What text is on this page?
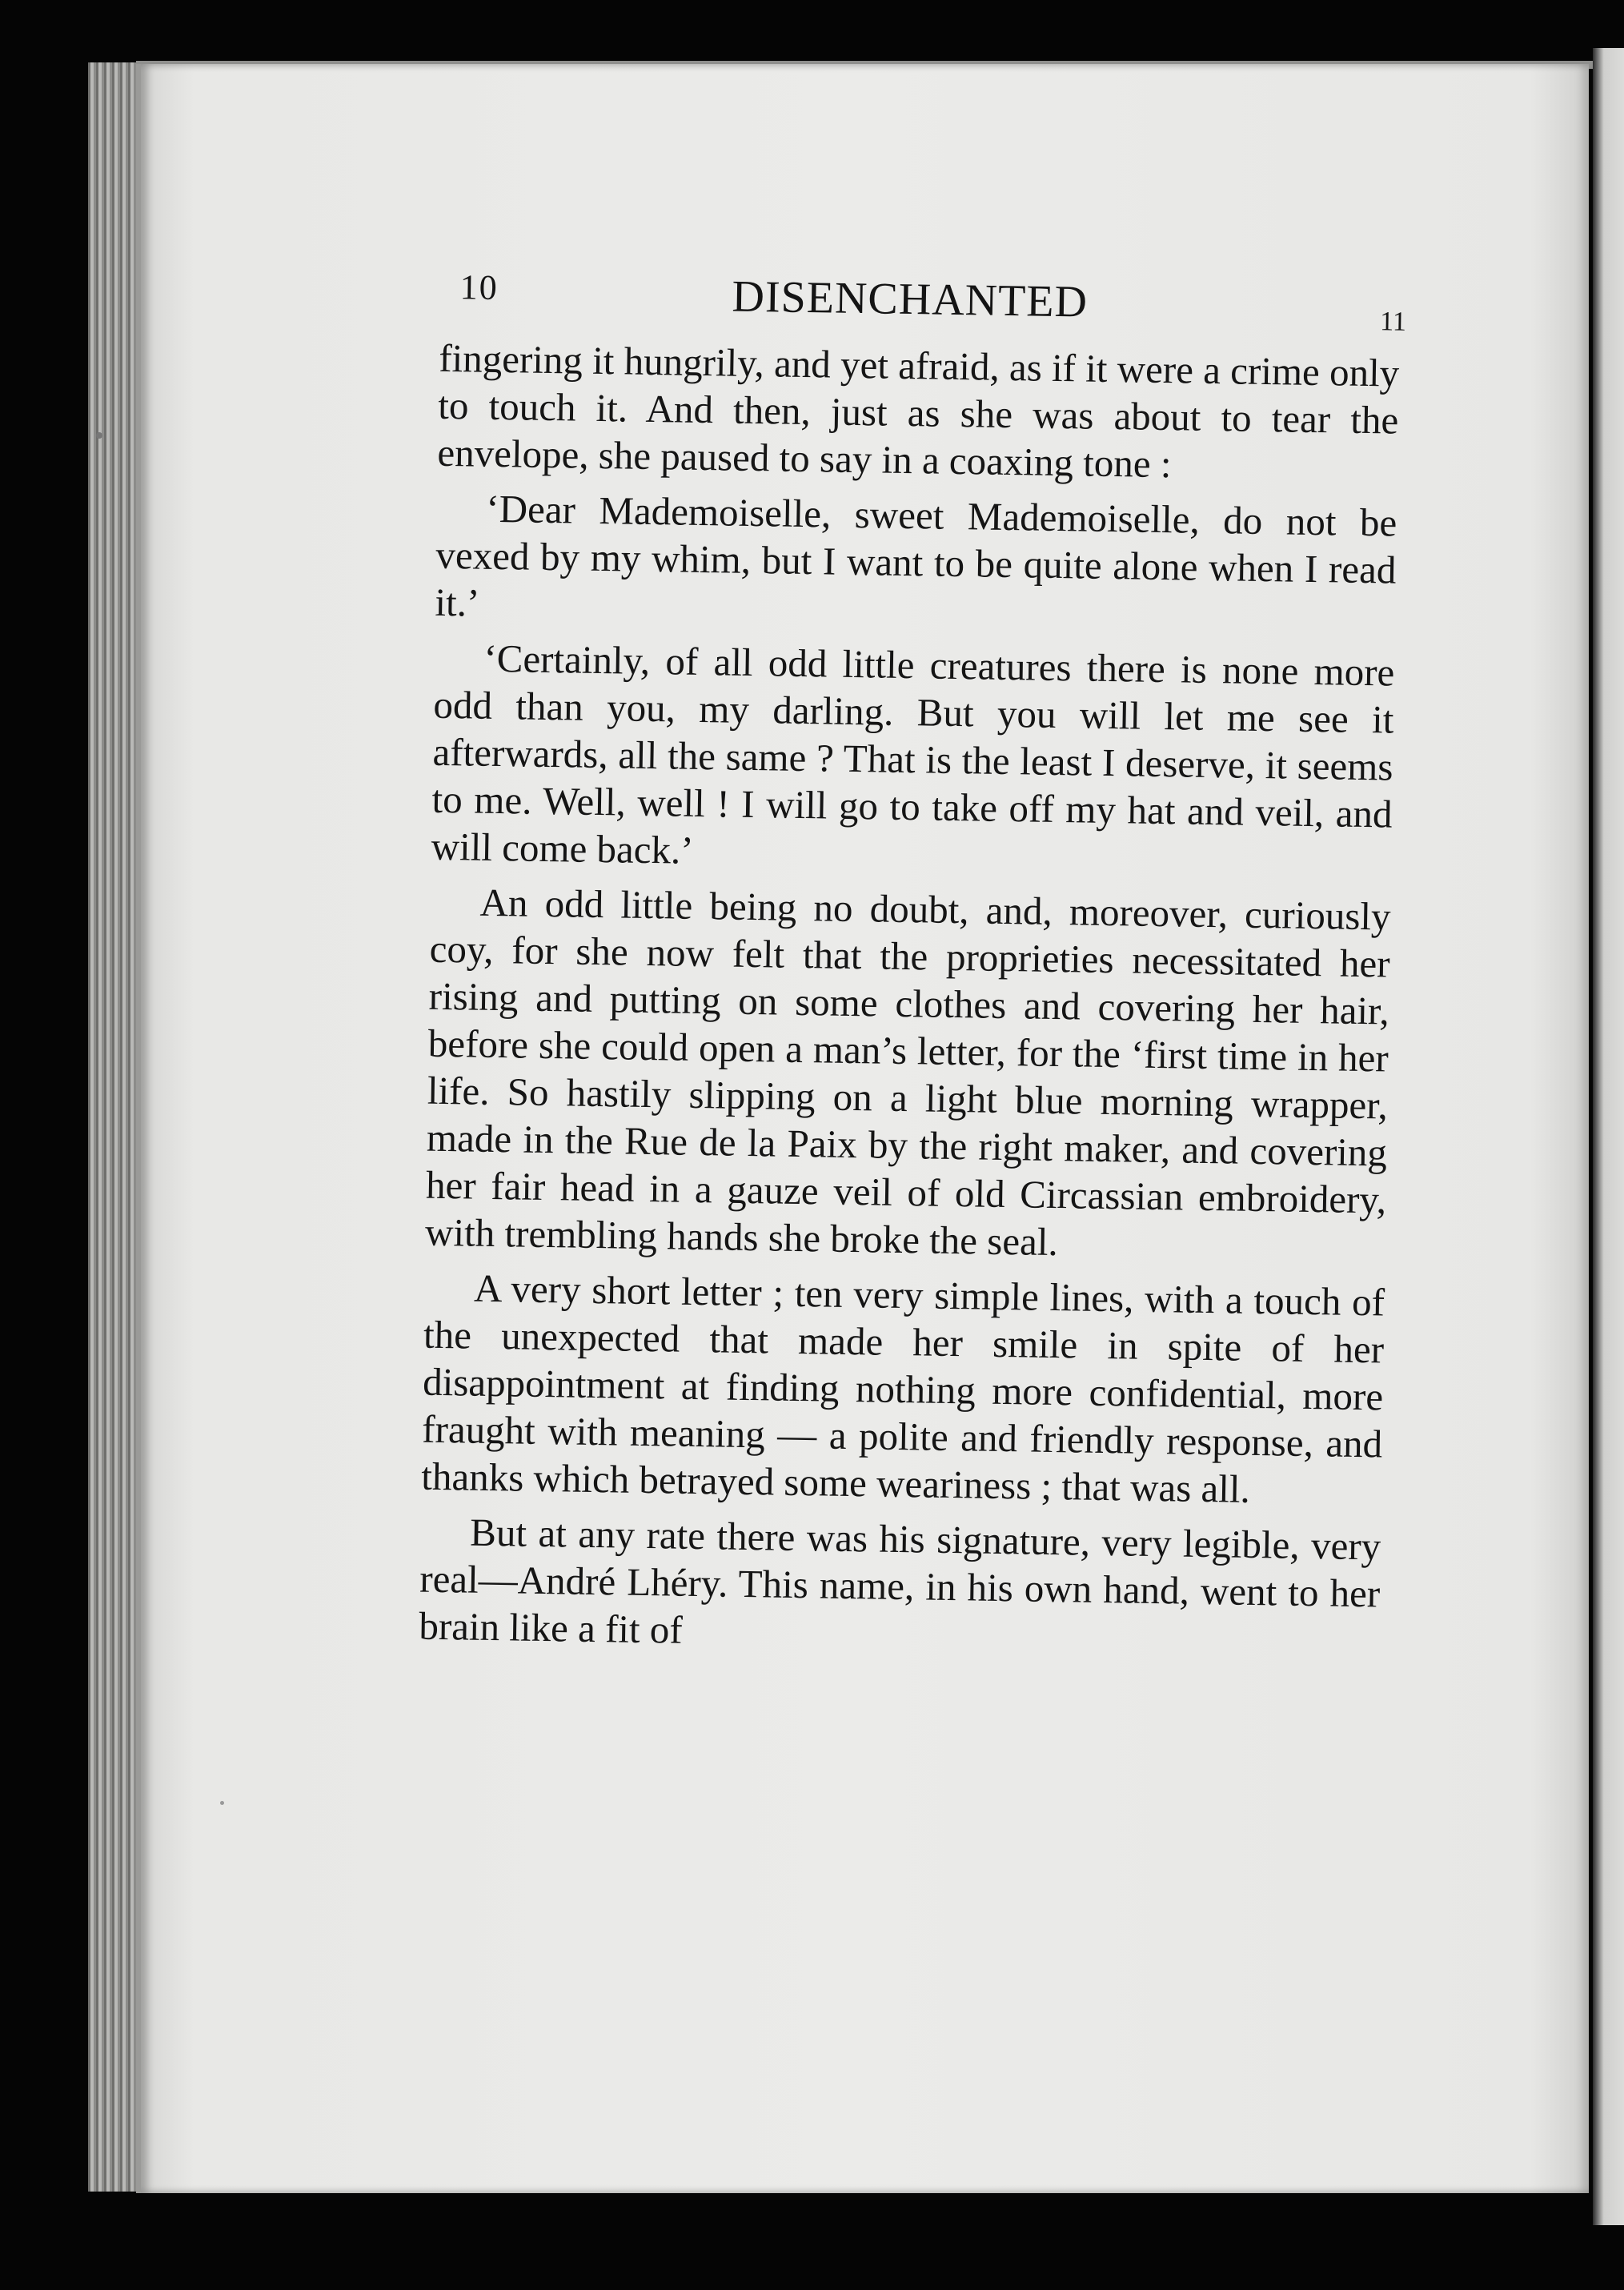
10	DISENCHANTED	11

fingering it hungrily, and yet afraid, as if it were a crime only to touch it. And then, just as she was about to tear the envelope, she paused to say in a coaxing tone :

‘Dear Mademoiselle, sweet Mademoiselle, do not be vexed by my whim, but I want to be quite alone when I read it.’

‘Certainly, of all odd little creatures there is none more odd than you, my darling. But you will let me see it afterwards, all the same ? That is the least I deserve, it seems to me. Well, well ! I will go to take off my hat and veil, and will come back.’

An odd little being no doubt, and, moreover, curiously coy, for she now felt that the proprieties necessitated her rising and putting on some clothes and covering her hair, before she could open a man’s letter, for the ‘first time in her life. So hastily slipping on a light blue morning wrapper, made in the Rue de la Paix by the right maker, and covering her fair head in a gauze veil of old Circassian embroidery, with trembling hands she broke the seal.

A very short letter ; ten very simple lines, with a touch of the unexpected that made her smile in spite of her disappointment at finding nothing more confidential, more fraught with meaning — a polite and friendly response, and thanks which betrayed some weariness ; that was all.

But at any rate there was his signature, very legible, very real—André Lhéry. This name, in his own hand, went to her brain like a fit of
